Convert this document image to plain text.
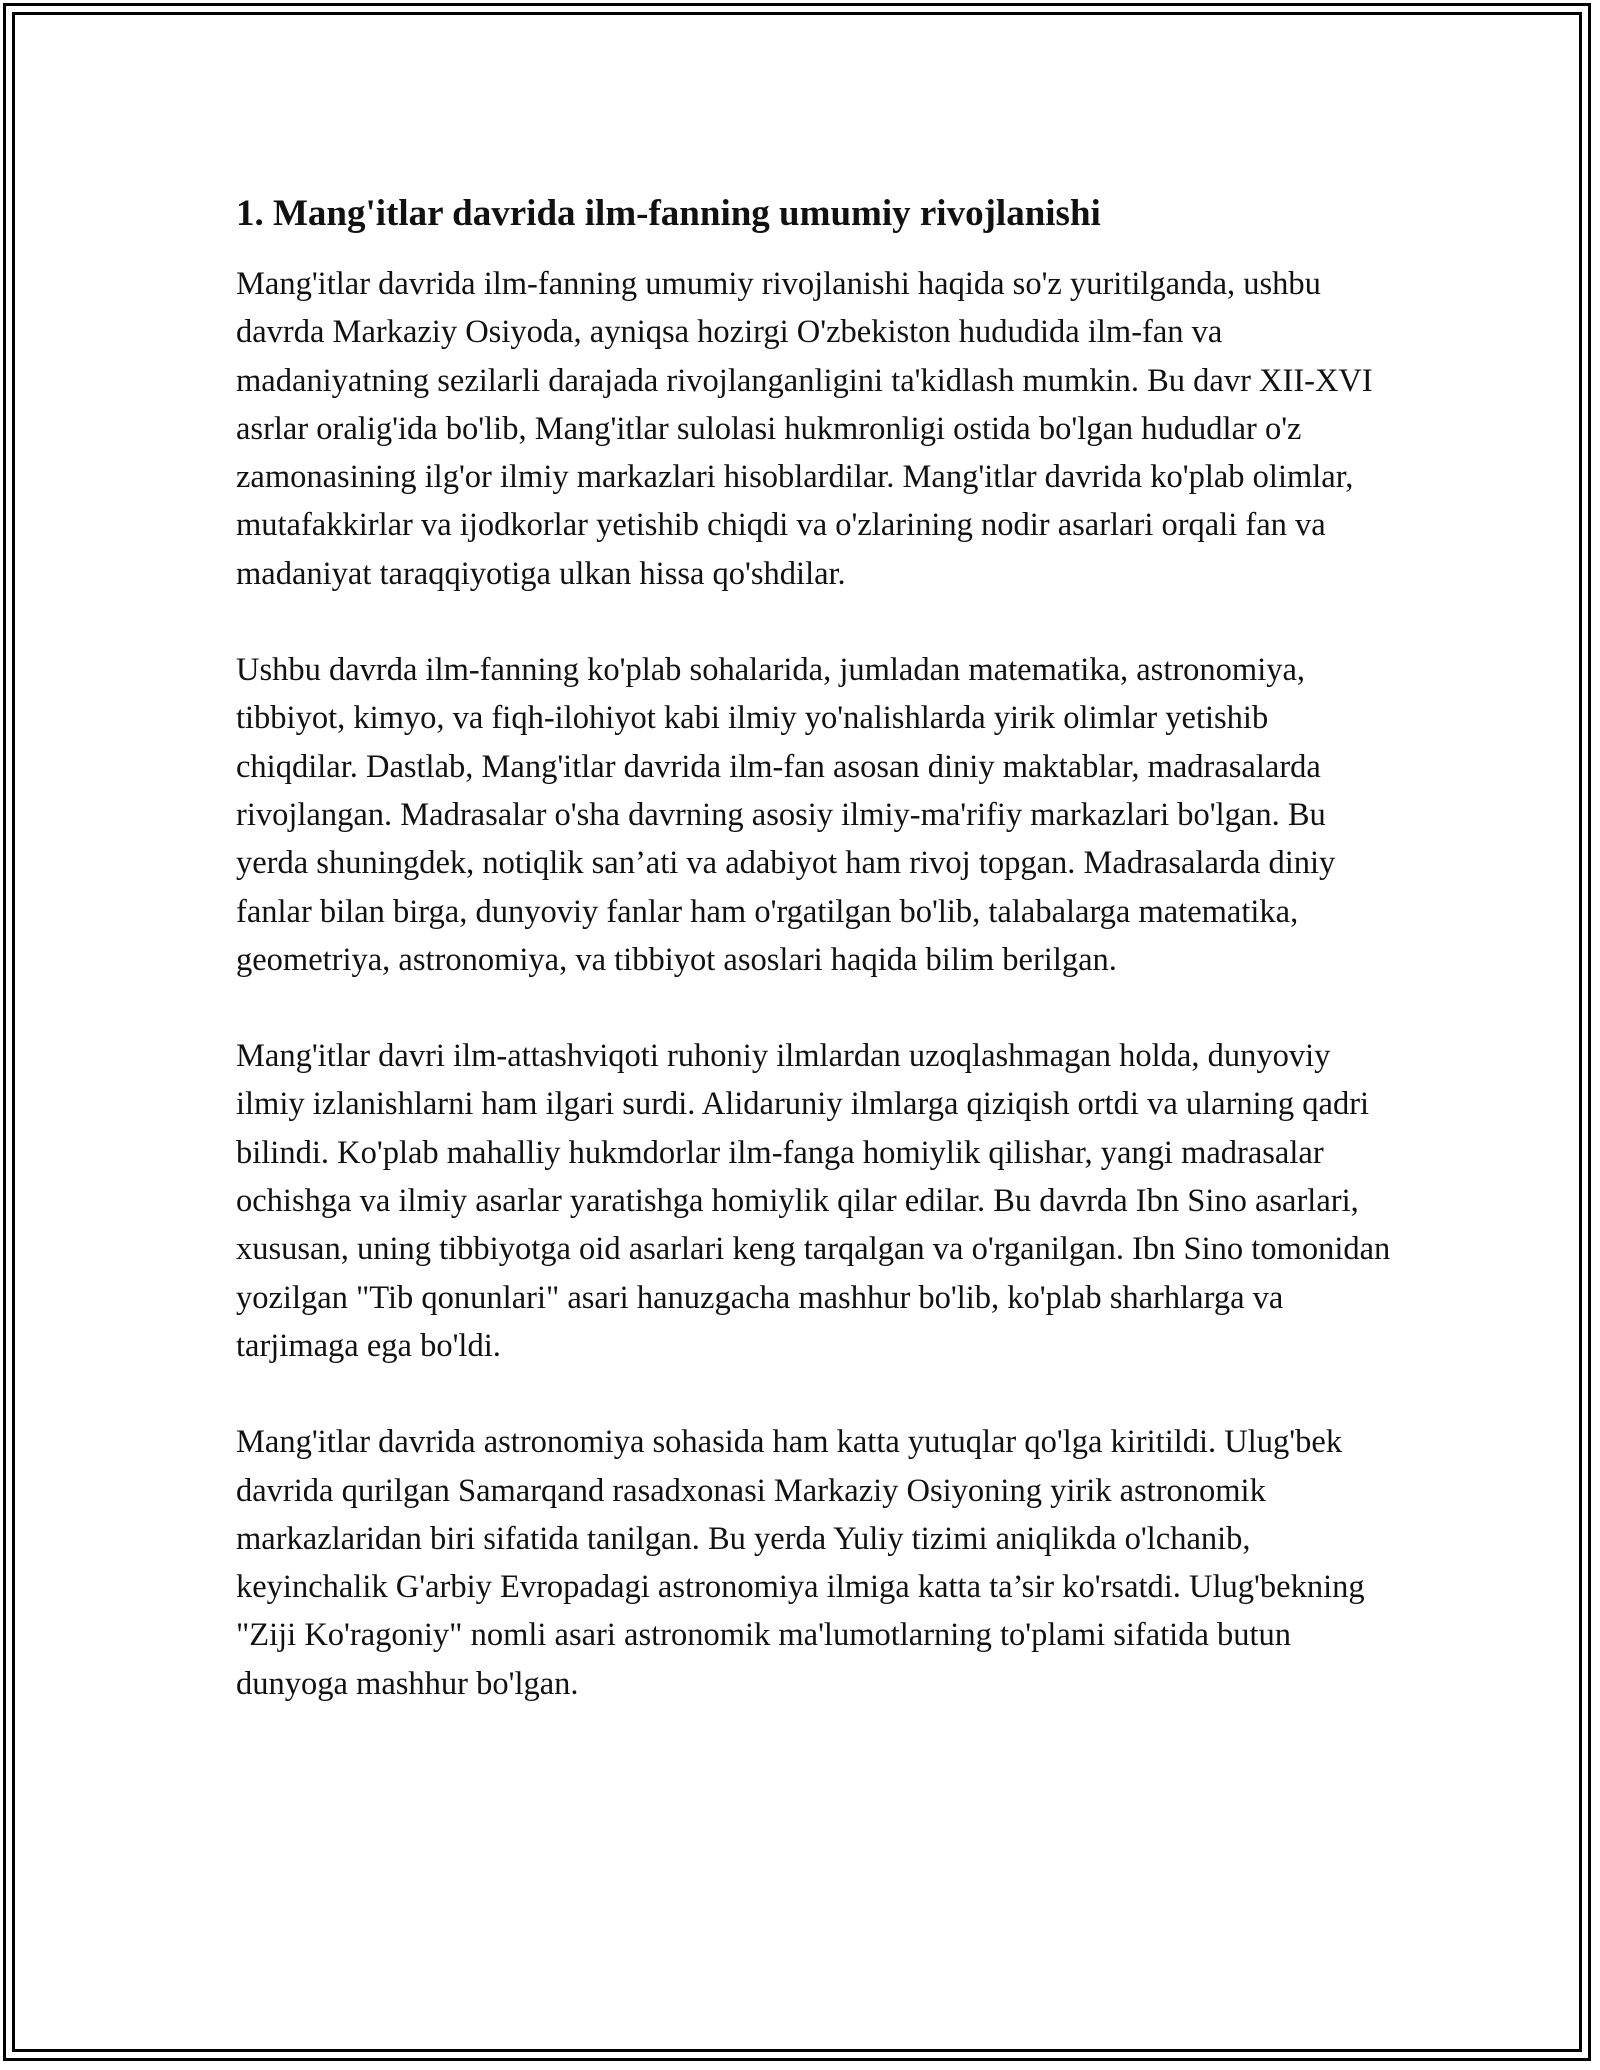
1. Mang'itlar davrida ilm-fanning umumiy rivojlanishi

Mang'itlar davrida ilm-fanning umumiy rivojlanishi haqida so'z yuritilganda, ushbu davrda Markaziy Osiyoda, ayniqsa hozirgi O'zbekiston hududida ilm-fan va madaniyatning sezilarli darajada rivojlanganligini ta'kidlash mumkin. Bu davr XII-XVI asrlar oralig'ida bo'lib, Mang'itlar sulolasi hukmronligi ostida bo'lgan hududlar o'z zamonasining ilg'or ilmiy markazlari hisoblardilar. Mang'itlar davrida ko'plab olimlar, mutafakkirlar va ijodkorlar yetishib chiqdi va o'zlarining nodir asarlari orqali fan va madaniyat taraqqiyotiga ulkan hissa qo'shdilar.

Ushbu davrda ilm-fanning ko'plab sohalarida, jumladan matematika, astronomiya, tibbiyot, kimyo, va fiqh-ilohiyot kabi ilmiy yo'nalishlarda yirik olimlar yetishib chiqdilar. Dastlab, Mang'itlar davrida ilm-fan asosan diniy maktablar, madrasalarda rivojlangan. Madrasalar o'sha davrning asosiy ilmiy-ma'rifiy markazlari bo'lgan. Bu yerda shuningdek, notiqlik san’ati va adabiyot ham rivoj topgan. Madrasalarda diniy fanlar bilan birga, dunyoviy fanlar ham o'rgatilgan bo'lib, talabalarga matematika, geometriya, astronomiya, va tibbiyot asoslari haqida bilim berilgan.

Mang'itlar davri ilm-attashviqoti ruhoniy ilmlardan uzoqlashmagan holda, dunyoviy ilmiy izlanishlarni ham ilgari surdi. Alidaruniy ilmlarga qiziqish ortdi va ularning qadri bilindi. Ko'plab mahalliy hukmdorlar ilm-fanga homiylik qilishar, yangi madrasalar ochishga va ilmiy asarlar yaratishga homiylik qilar edilar. Bu davrda Ibn Sino asarlari, xususan, uning tibbiyotga oid asarlari keng tarqalgan va o'rganilgan. Ibn Sino tomonidan yozilgan "Tib qonunlari" asari hanuzgacha mashhur bo'lib, ko'plab sharhlarga va tarjimaga ega bo'ldi.

Mang'itlar davrida astronomiya sohasida ham katta yutuqlar qo'lga kiritildi. Ulug'bek davrida qurilgan Samarqand rasadxonasi Markaziy Osiyoning yirik astronomik markazlaridan biri sifatida tanilgan. Bu yerda Yuliy tizimi aniqlikda o'lchanib, keyinchalik G'arbiy Evropadagi astronomiya ilmiga katta ta’sir ko'rsatdi. Ulug'bekning "Ziji Ko'ragoniy" nomli asari astronomik ma'lumotlarning to'plami sifatida butun dunyoga mashhur bo'lgan.
